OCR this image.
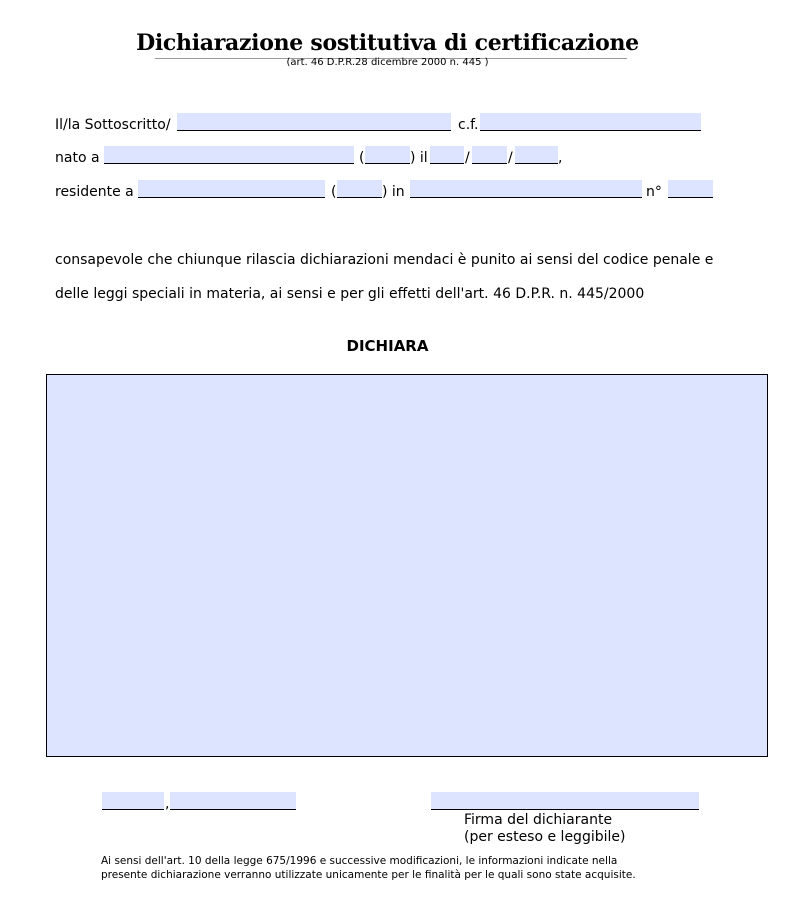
Dichiarazione sostitutiva di certificazione
(art. 46 D.P.R.28 dicembre 2000 n. 445 )
Il/la Sottoscritto/	c.f.
nato a	(	) il	/	/	,
residente a	(	) in	n°
consapevole che chiunque rilascia dichiarazioni mendaci è punito ai sensi del codice penale e
delle leggi speciali in materia, ai sensi e per gli effetti dell'art. 46 D.P.R. n. 445/2000
DICHIARA
,
Firma del dichiarante
(per esteso e leggibile)
Ai sensi dell'art. 10 della legge 675/1996 e successive modificazioni, le informazioni indicate nella
presente dichiarazione verranno utilizzate unicamente per le finalità per le quali sono state acquisite.
